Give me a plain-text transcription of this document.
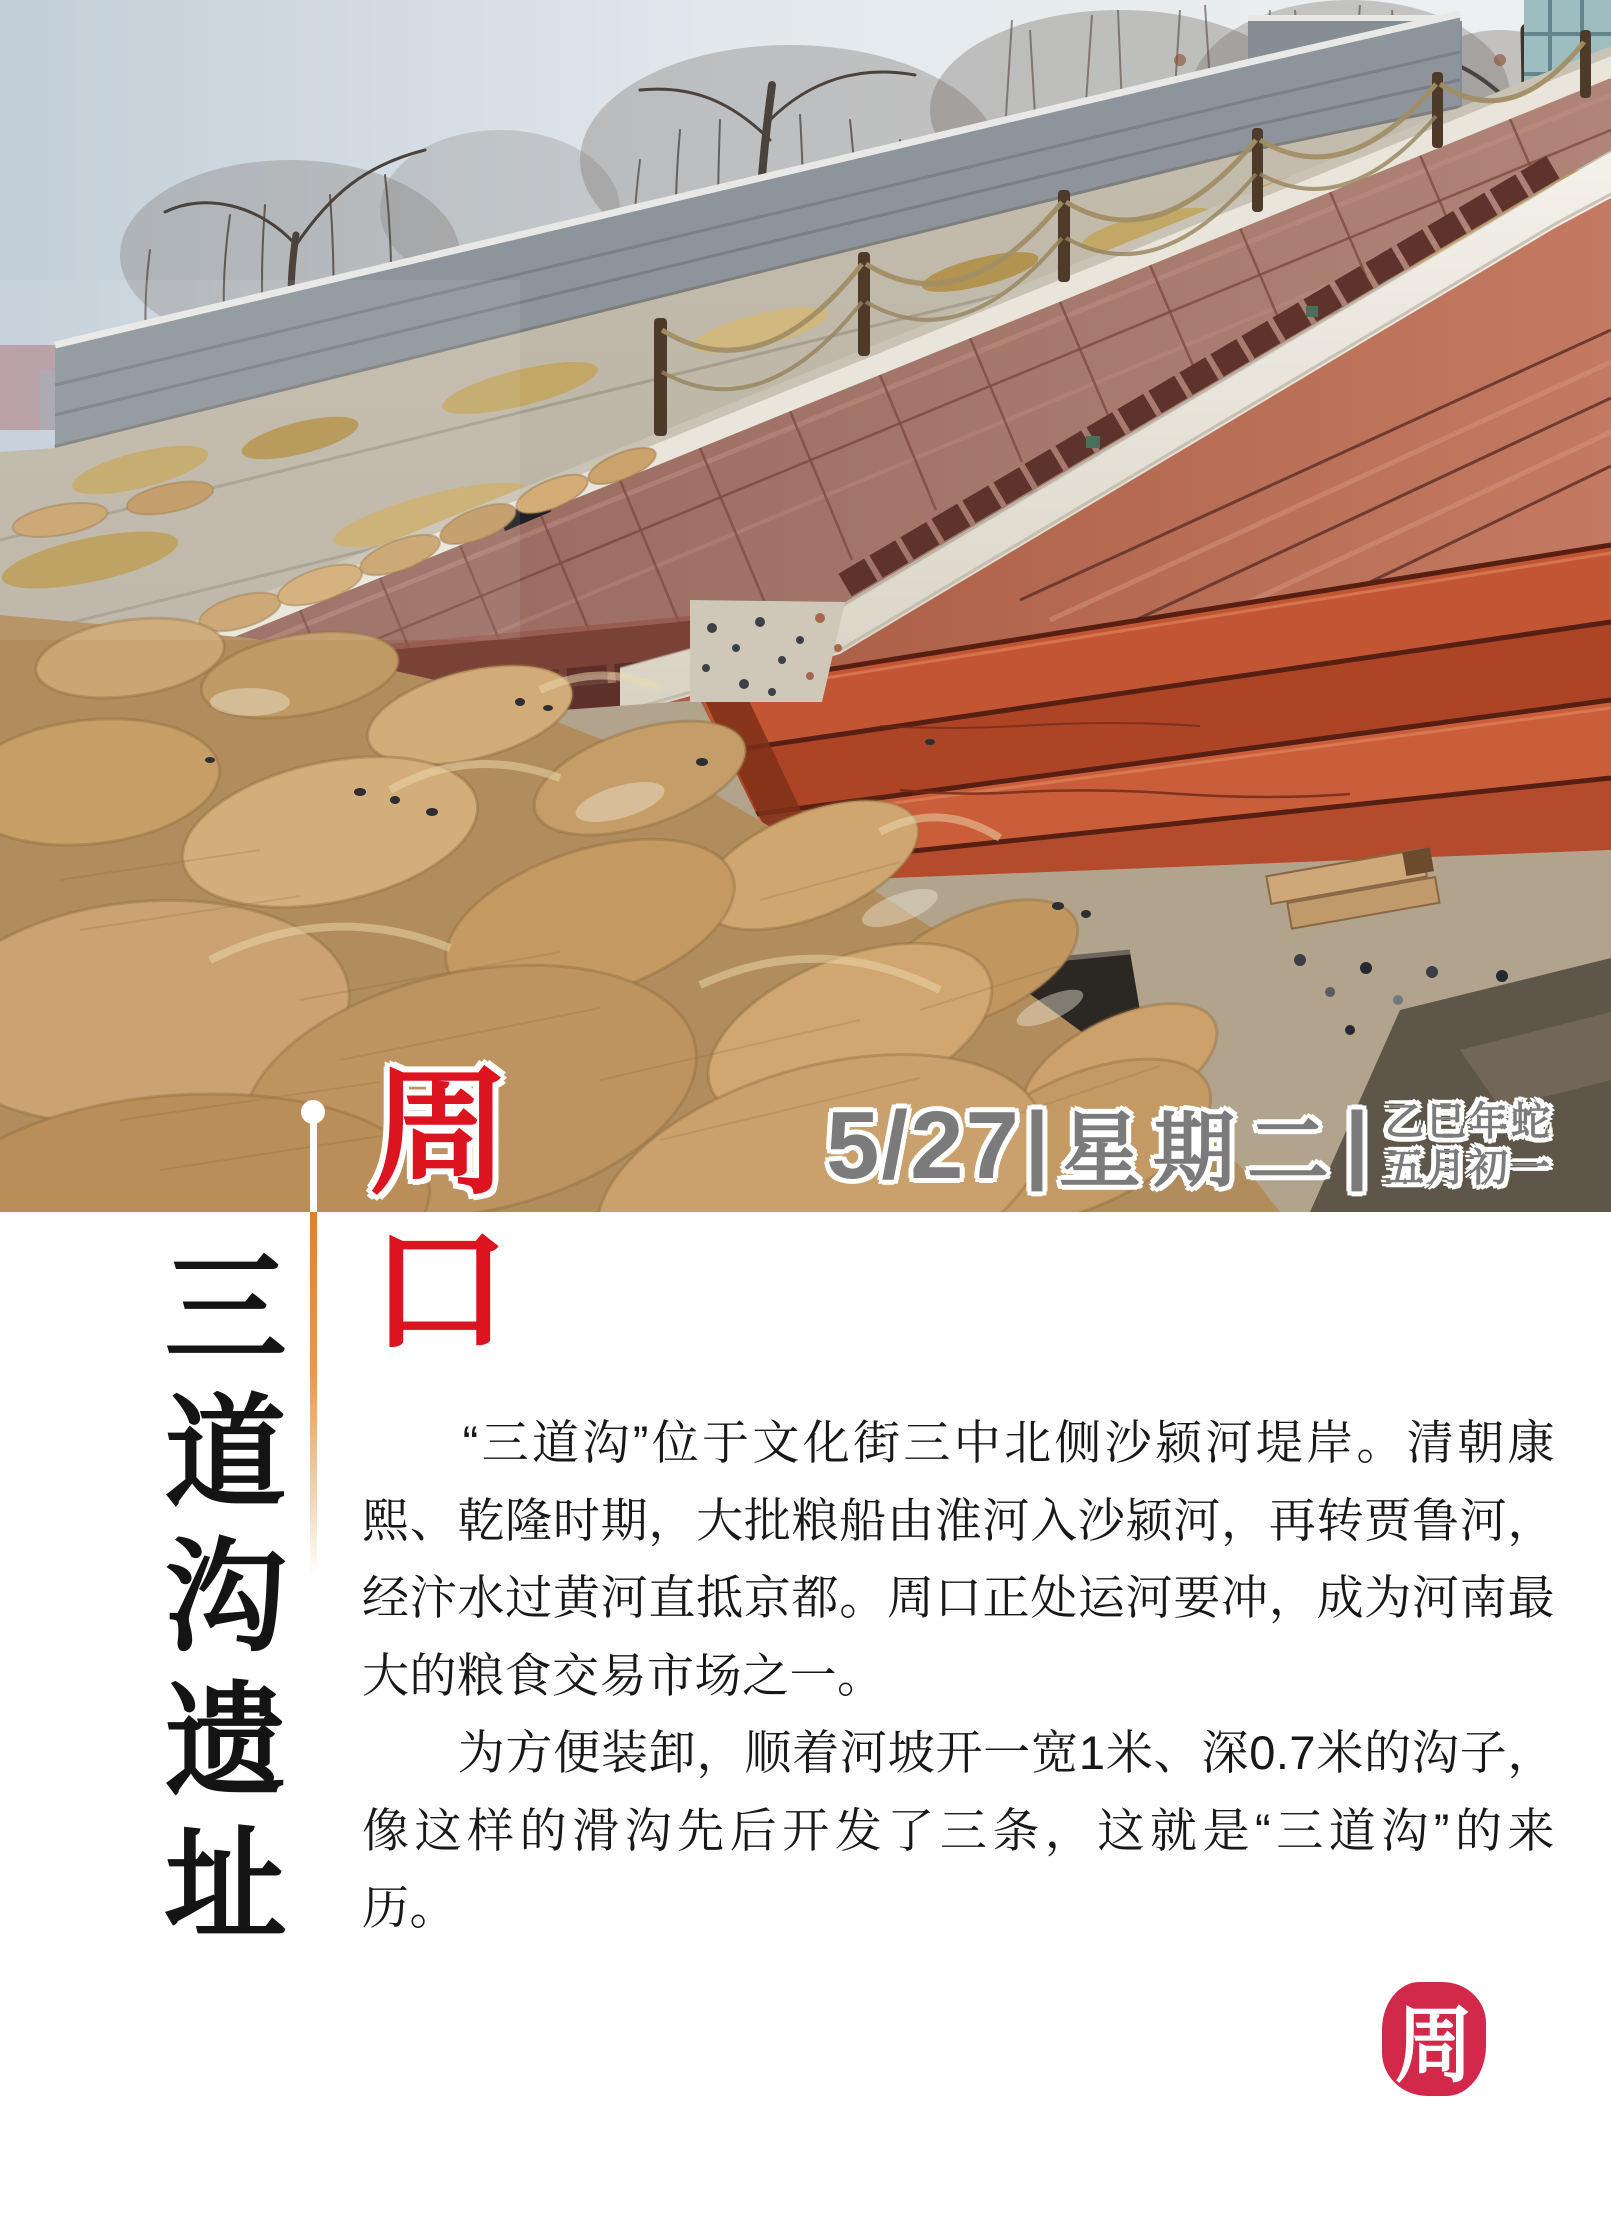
5/27 | 星期二 | 乙巳年蛇
五月初一
周口
三道沟遗址 　　“三道沟”位于文化街三中北侧沙颍河堤岸。清朝康
熙、乾隆时期，大批粮船由淮河入沙颍河，再转贾鲁河，
经汴水过黄河直抵京都。周口正处运河要冲，成为河南最
大的粮食交易市场之一。
　　为方便装卸，顺着河坡开一宽1米、深0.7米的沟子，
像这样的滑沟先后开发了三条，这就是“三道沟”的来
历。
周
